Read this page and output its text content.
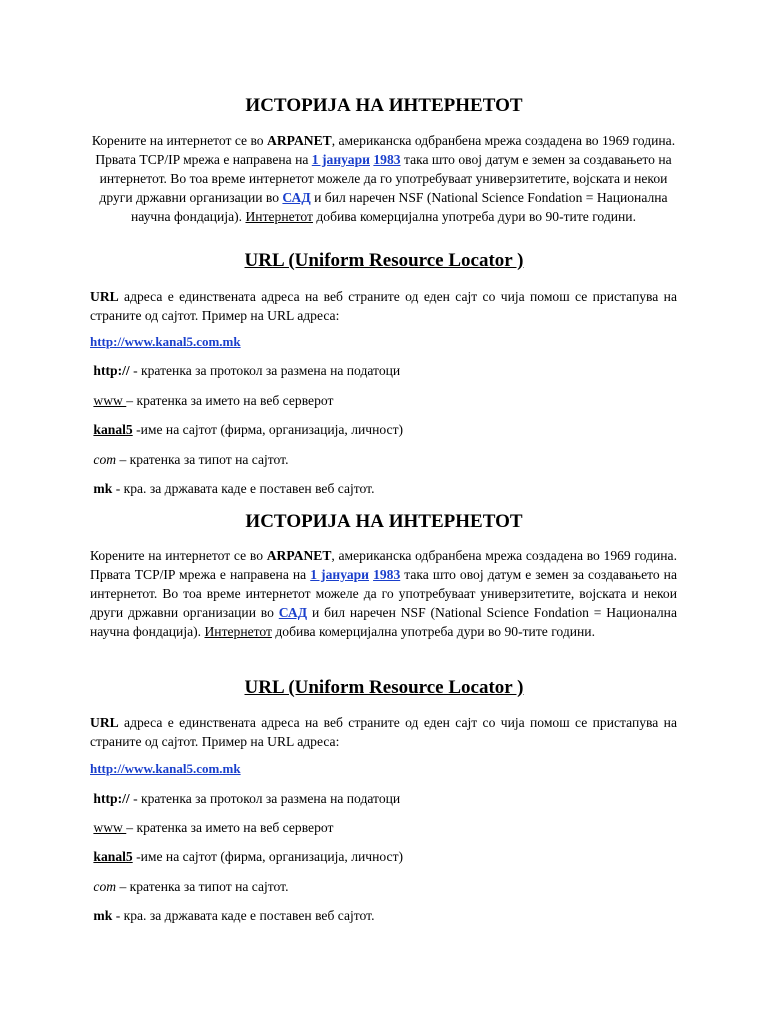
ИСТОРИЈА НА ИНТЕРНЕТОТ

Корените на интернетот се во ARPANET, американска одбранбена мрежа создадена во 1969 година. Првата TCP/IP мрежа е направена на 1 јануари 1983 така што овој датум е земен за создавањето на интернетот. Во тоа време интернетот можеле да го употребуваат универзитетите, војската и некои други државни организации во САД и бил наречен NSF (National Science Fondation = Национална научна фондација). Интернетот добива комерцијална употреба дури во 90-тите години.

URL (Uniform Resource Locator )

URL адреса е единствената адреса на веб страните од еден сајт со чија помош се пристапува на страните од сајтот. Пример на URL адреса:

http://www.kanal5.com.mk
http:// - кратенка за протокол за размена на податоци
www – кратенка за името на веб серверот
kanal5 -име на сајтот (фирма, организација, личност)
com – кратенка за типот на сајтот.
mk - кра. за државата каде е поставен веб сајтот.
ИСТОРИЈА НА ИНТЕРНЕТОТ

Корените на интернетот се во ARPANET, американска одбранбена мрежа создадена во 1969 година. Првата TCP/IP мрежа е направена на 1 јануари 1983 така што овој датум е земен за создавањето на интернетот. Во тоа време интернетот можеле да го употребуваат универзитетите, војската и некои други државни организации во САД и бил наречен NSF (National Science Fondation = Национална научна фондација). Интернетот добива комерцијална употреба дури во 90-тите години.

URL (Uniform Resource Locator )

URL адреса е единствената адреса на веб страните од еден сајт со чија помош се пристапува на страните од сајтот. Пример на URL адреса:

http://www.kanal5.com.mk
http:// - кратенка за протокол за размена на податоци
www – кратенка за името на веб серверот
kanal5 -име на сајтот (фирма, организација, личност)
com – кратенка за типот на сајтот.
mk - кра. за државата каде е поставен веб сајтот.
